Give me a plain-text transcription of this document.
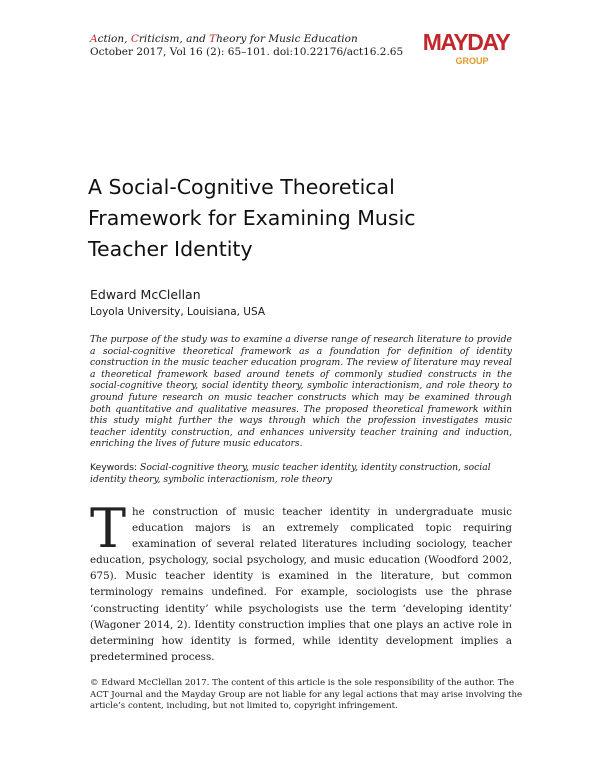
Action, Criticism, and Theory for Music Education
October 2017, Vol 16 (2): 65–101. doi:10.22176/act16.2.65 MAYDAY
GROUP
A Social-Cognitive Theoretical
Framework for Examining Music
Teacher Identity
Edward McClellan
Loyola University, Louisiana, USA

The purpose of the study was to examine a diverse range of research literature to provide a social-cognitive theoretical framework as a foundation for definition of identity construction in the music teacher education program. The review of literature may reveal a theoretical framework based around tenets of commonly studied constructs in the social-cognitive theory, social identity theory, symbolic interactionism, and role theory to ground future research on music teacher constructs which may be examined through both quantitative and qualitative measures. The proposed theoretical framework within this study might further the ways through which the profession investigates music teacher identity construction, and enhances university teacher training and induction, enriching the lives of future music educators.

Keywords: Social-cognitive theory, music teacher identity, identity construction, social identity theory, symbolic interactionism, role theory

The construction of music teacher identity in undergraduate music education majors is an extremely complicated topic requiring examination of several related literatures including sociology, teacher education, psychology, social psychology, and music education (Woodford 2002, 675). Music teacher identity is examined in the literature, but common terminology remains undefined. For example, sociologists use the phrase ‘constructing identity’ while psychologists use the term ‘developing identity’ (Wagoner 2014, 2). Identity construction implies that one plays an active role in determining how identity is formed, while identity development implies a predetermined process.

© Edward McClellan 2017. The content of this article is the sole responsibility of the author. The ACT Journal and the Mayday Group are not liable for any legal actions that may arise involving the article’s content, including, but not limited to, copyright infringement.
